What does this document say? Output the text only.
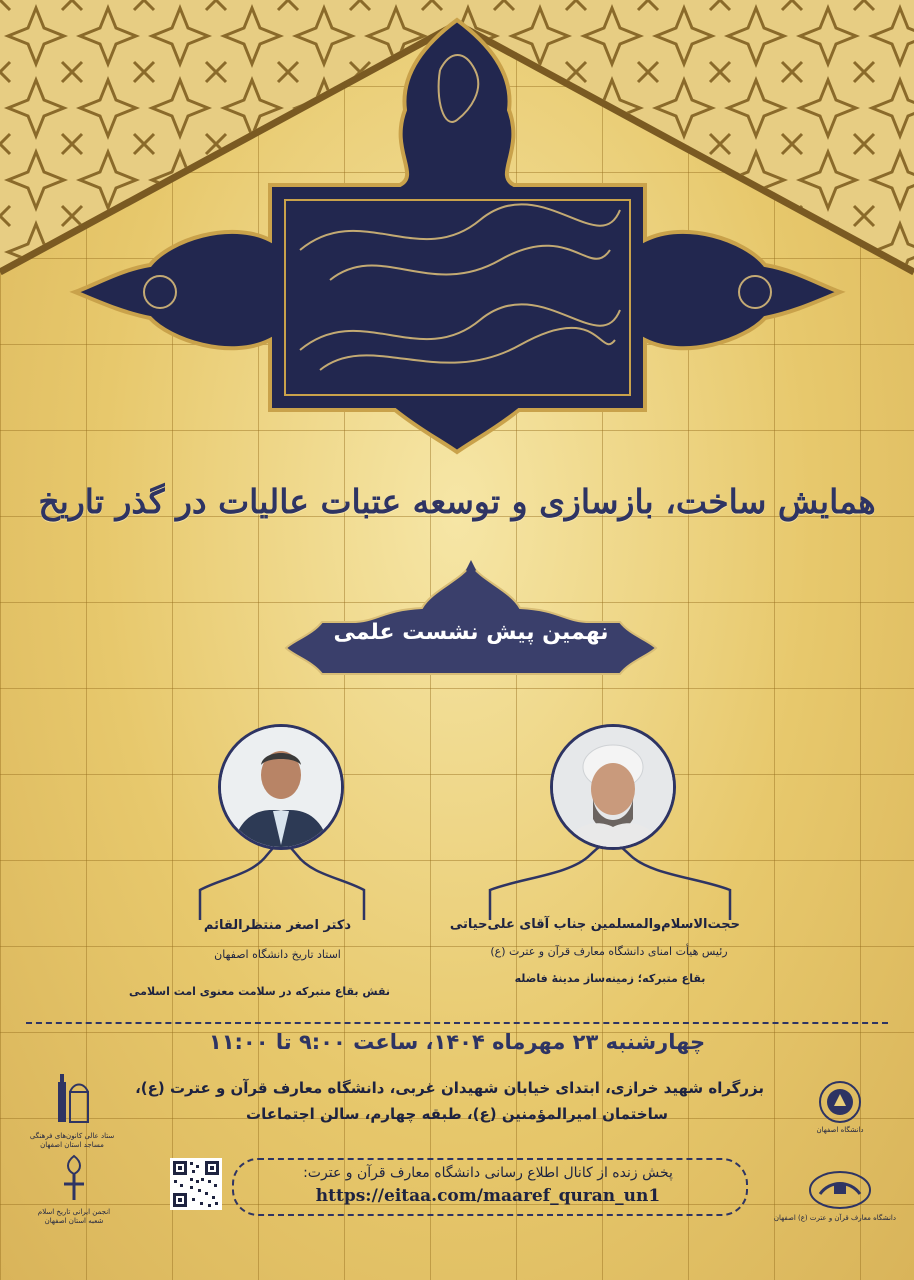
همایش ساخت، بازسازی و توسعه عتبات عالیات در گذر تاریخ
نهمین پیش نشست علمی
حجت‌الاسلام‌والمسلمین جناب آقای علی‌حیاتی
رئیس هیأت امنای دانشگاه معارف قرآن و عترت (ع)
بقاع متبرکه؛ زمینه‌ساز مدینهٔ فاضله
دکتر اصغر منتظرالقائم
استاد تاریخ دانشگاه اصفهان
نقش بقاع متبرکه در سلامت معنوی امت اسلامی
چهارشنبه ۲۳ مهرماه ۱۴۰۴، ساعت ۹:۰۰ تا ۱۱:۰۰
بزرگراه شهید خرازی، ابتدای خیابان شهیدان غربی، دانشگاه معارف قرآن و عترت (ع)،
ساختمان امیرالمؤمنین (ع)، طبقه چهارم، سالن اجتماعات
پخش زنده از کانال اطلاع رسانی دانشگاه معارف قرآن و عترت:
https://eitaa.com/maaref_quran_un1
دانشگاه اصفهان
دانشگاه معارف قرآن و عترت (ع) اصفهان
ستاد عالی کانون‌های فرهنگی مساجد استان اصفهان
انجمن ایرانی تاریخ اسلام شعبه استان اصفهان
